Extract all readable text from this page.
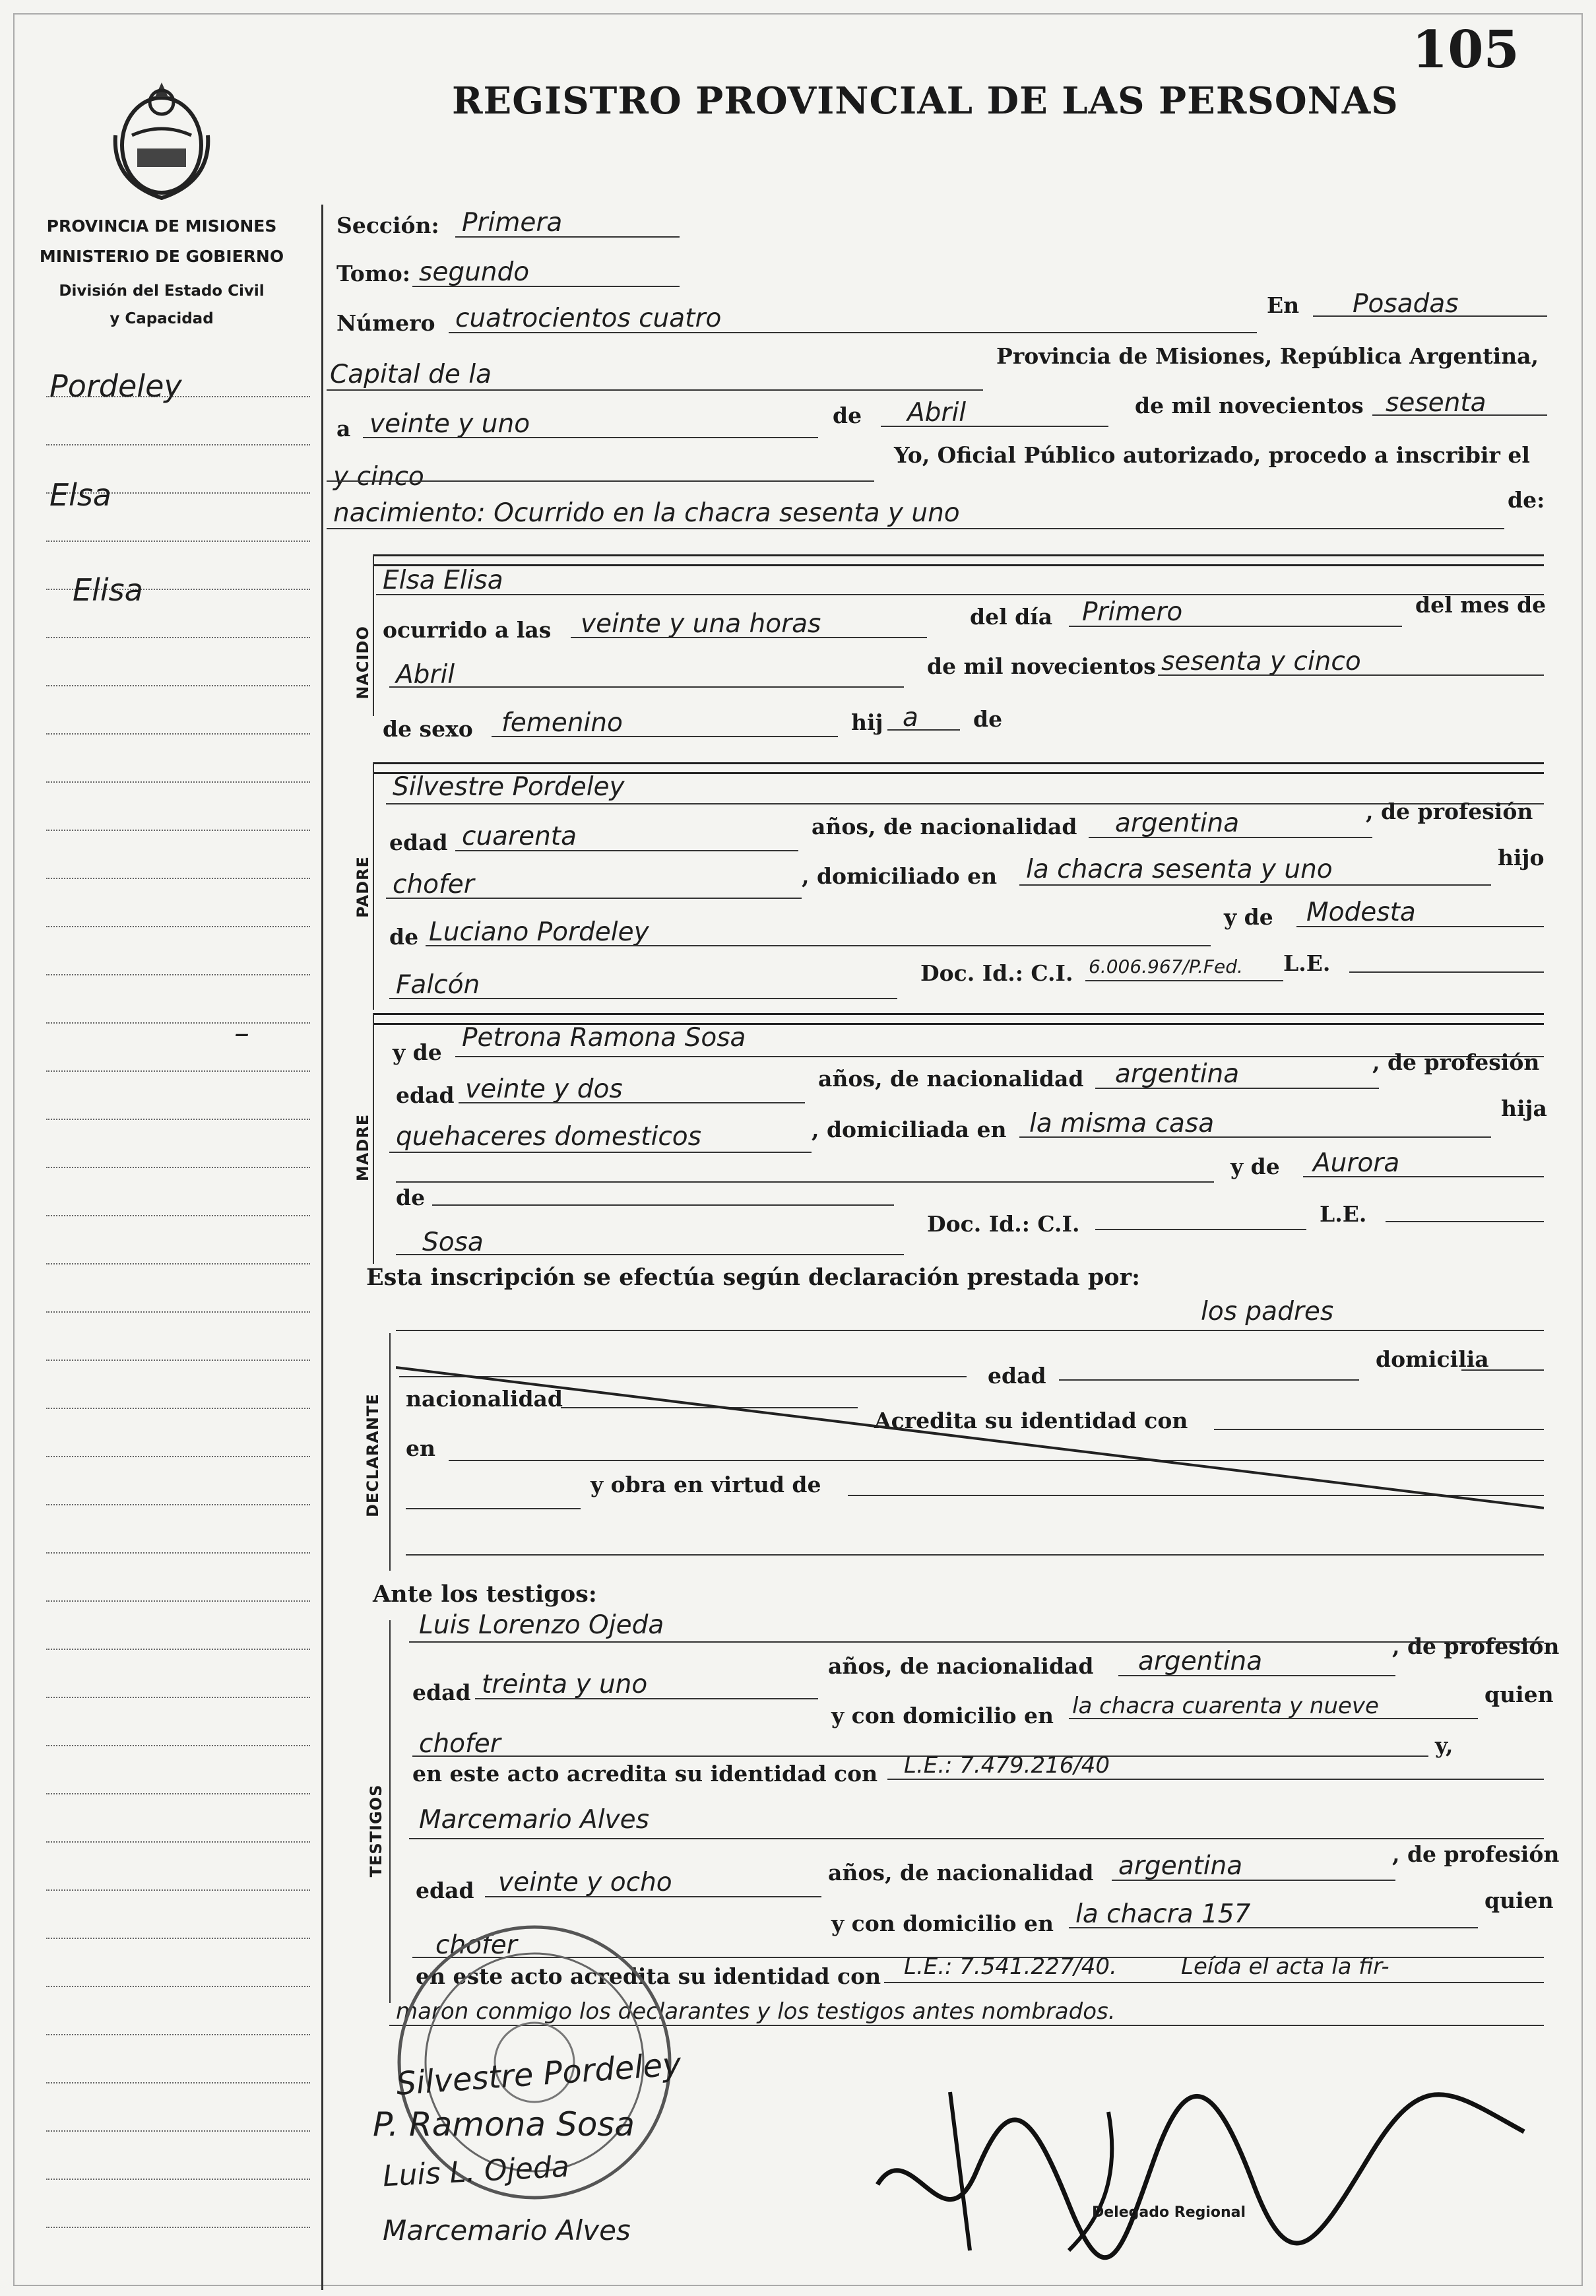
105
REGISTRO PROVINCIAL DE LAS PERSONAS
PROVINCIA DE MISIONES
MINISTERIO DE GOBIERNO
División del Estado Civil
y Capacidad
Pordeley
Elsa
Elisa
–
Sección: Primera
Tomo: segundo
Número cuatrocientos cuatro	En Posadas
Capital de la
Provincia de Misiones, República Argentina,
a veinte y uno	de Abril	de mil novecientos sesenta
y cinco
Yo, Oficial Público autorizado, procedo a inscribir el
nacimiento: Ocurrido en la chacra sesenta y uno	de:
NACIDO
Elsa Elisa
ocurrido a las veinte y una horas	del día Primero	del mes de
Abril	de mil novecientos sesenta y cinco
de sexo femenino	hij a	de
PADRE
Silvestre Pordeley
edad cuarenta	años, de nacionalidad argentina	, de profesión
chofer	, domiciliado en la chacra sesenta y uno	hijo
de Luciano Pordeley
y de Modesta
Falcón	Doc. Id.: C.I. 6.006.967/P.Fed. L.E.
MADRE
y de Petrona Ramona Sosa
edad veinte y dos	años, de nacionalidad argentina	, de profesión
quehaceres domesticos	, domiciliada en la misma casa
hija
y de Aurora
de
Sosa
Doc. Id.: C.I.	L.E.
Esta inscripción se efectúa según declaración prestada por:
los padres
DECLARANTE
edad
domicilia
nacionalidad
Acredita su identidad con
en
y obra en virtud de
Ante los testigos:
TESTIGOS
Luis Lorenzo Ojeda
edad treinta y uno
años, de nacionalidad argentina
, de profesión
y con domicilio en la chacra cuarenta y nueve	quien
chofer	y,
en este acto acredita su identidad con L.E.: 7.479.216/40
Marcemario Alves
edad veinte y ocho	años, de nacionalidad argentina	, de profesión
y con domicilio en la chacra 157	quien
chofer
en este acto acredita su identidad con L.E.: 7.541.227/40.	Leída el acta la fir-
maron conmigo los declarantes y los testigos antes nombrados.
Silvestre Pordeley
P. Ramona Sosa
Luis L. Ojeda
Marcemario Alves
Delegado Regional
